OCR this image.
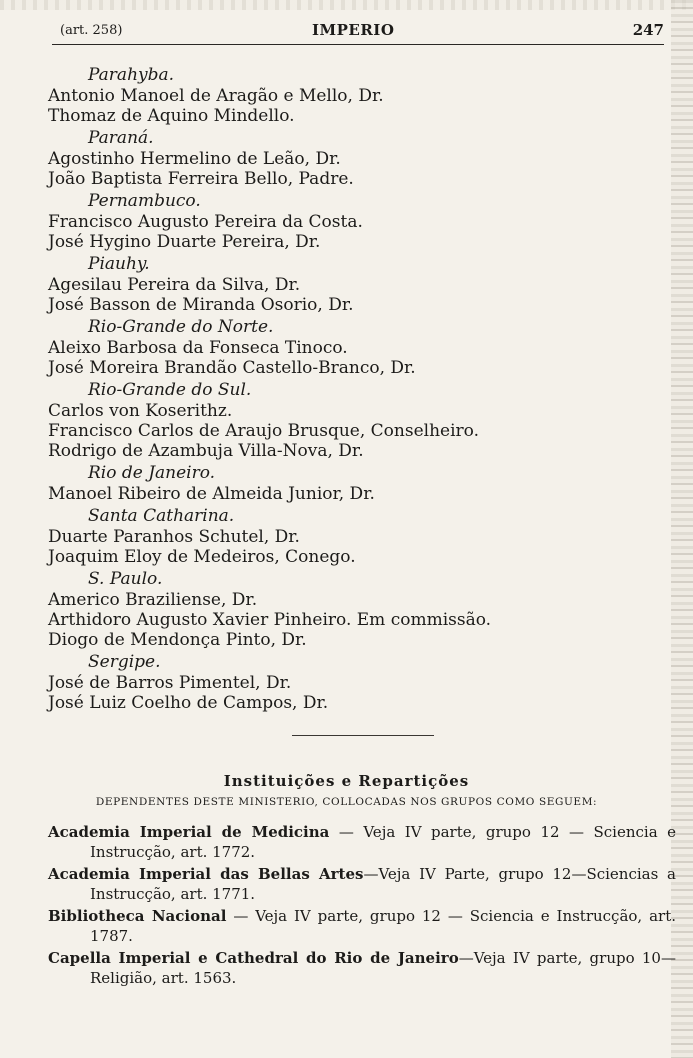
(art. 258)	IMPERIO	247
Parahyba.
Antonio Manoel de Aragão e Mello, Dr.
Thomaz de Aquino Mindello.
Paraná.
Agostinho Hermelino de Leão, Dr.
João Baptista Ferreira Bello, Padre.
Pernambuco.
Francisco Augusto Pereira da Costa.
José Hygino Duarte Pereira, Dr.
Piauhy.
Agesilau Pereira da Silva, Dr.
José Basson de Miranda Osorio, Dr.
Rio-Grande do Norte.
Aleixo Barbosa da Fonseca Tinoco.
José Moreira Brandão Castello-Branco, Dr.
Rio-Grande do Sul.
Carlos von Koserithz.
Francisco Carlos de Araujo Brusque, Conselheiro.
Rodrigo de Azambuja Villa-Nova, Dr.
Rio de Janeiro.
Manoel Ribeiro de Almeida Junior, Dr.
Santa Catharina.
Duarte Paranhos Schutel, Dr.
Joaquim Eloy de Medeiros, Conego.
S. Paulo.
Americo Braziliense, Dr.
Arthidoro Augusto Xavier Pinheiro. Em commissão.
Diogo de Mendonça Pinto, Dr.
Sergipe.
José de Barros Pimentel, Dr.
José Luiz Coelho de Campos, Dr.
Instituições e Repartições
DEPENDENTES DESTE MINISTERIO, COLLOCADAS NOS GRUPOS COMO SEGUEM:
Academia Imperial de Medicina — Veja IV parte, grupo 12 — Sciencia e Instrucção, art. 1772.
Academia Imperial das Bellas Artes—Veja IV Parte, grupo 12—Sciencias a Instrucção, art. 1771.
Bibliotheca Nacional — Veja IV parte, grupo 12 — Sciencia e Instrucção, art. 1787.
Capella Imperial e Cathedral do Rio de Janeiro—Veja IV parte, grupo 10—Religião, art. 1563.
